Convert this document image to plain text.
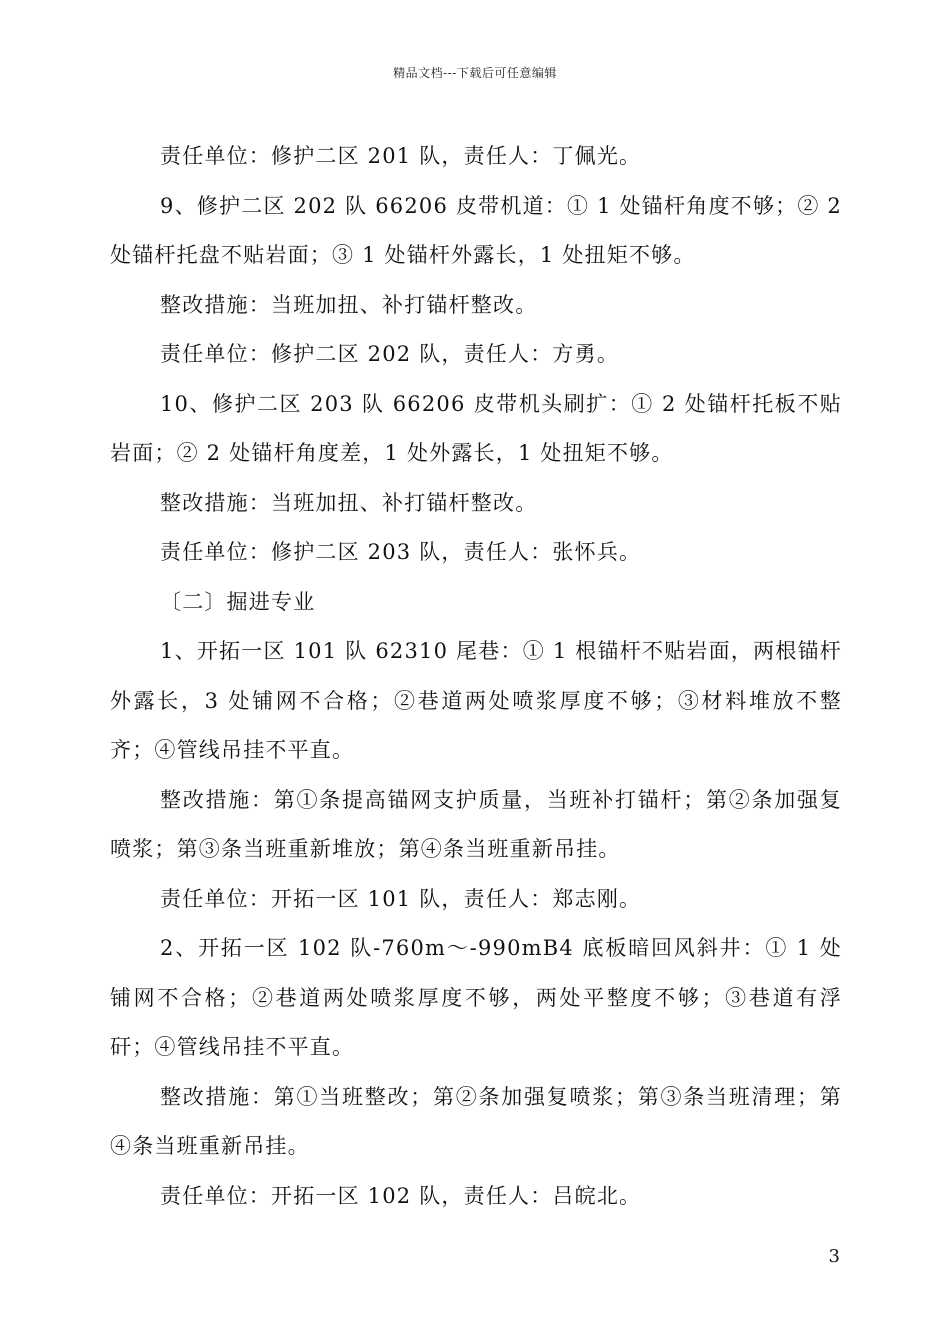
精品文档---下载后可任意编辑

责任单位：修护二区 201 队，责任人：丁佩光。

9、修护二区 202 队 66206 皮带机道：① 1 处锚杆角度不够；② 2 处锚杆托盘不贴岩面；③ 1 处锚杆外露长，1 处扭矩不够。

整改措施：当班加扭、补打锚杆整改。

责任单位：修护二区 202 队，责任人：方勇。

10、修护二区 203 队 66206 皮带机头刷扩：① 2 处锚杆托板不贴岩面；② 2 处锚杆角度差，1 处外露长，1 处扭矩不够。

整改措施：当班加扭、补打锚杆整改。

责任单位：修护二区 203 队，责任人：张怀兵。

〔二〕掘进专业

1、开拓一区 101 队 62310 尾巷：① 1 根锚杆不贴岩面，两根锚杆外露长，3 处铺网不合格；②巷道两处喷浆厚度不够；③材料堆放不整齐；④管线吊挂不平直。

整改措施：第①条提高锚网支护质量，当班补打锚杆；第②条加强复喷浆；第③条当班重新堆放；第④条当班重新吊挂。

责任单位：开拓一区 101 队，责任人：郑志刚。

2、开拓一区 102 队-760m～-990mB4 底板暗回风斜井：① 1 处铺网不合格；②巷道两处喷浆厚度不够，两处平整度不够；③巷道有浮矸；④管线吊挂不平直。

整改措施：第①当班整改；第②条加强复喷浆；第③条当班清理；第④条当班重新吊挂。

责任单位：开拓一区 102 队，责任人：吕皖北。

3
